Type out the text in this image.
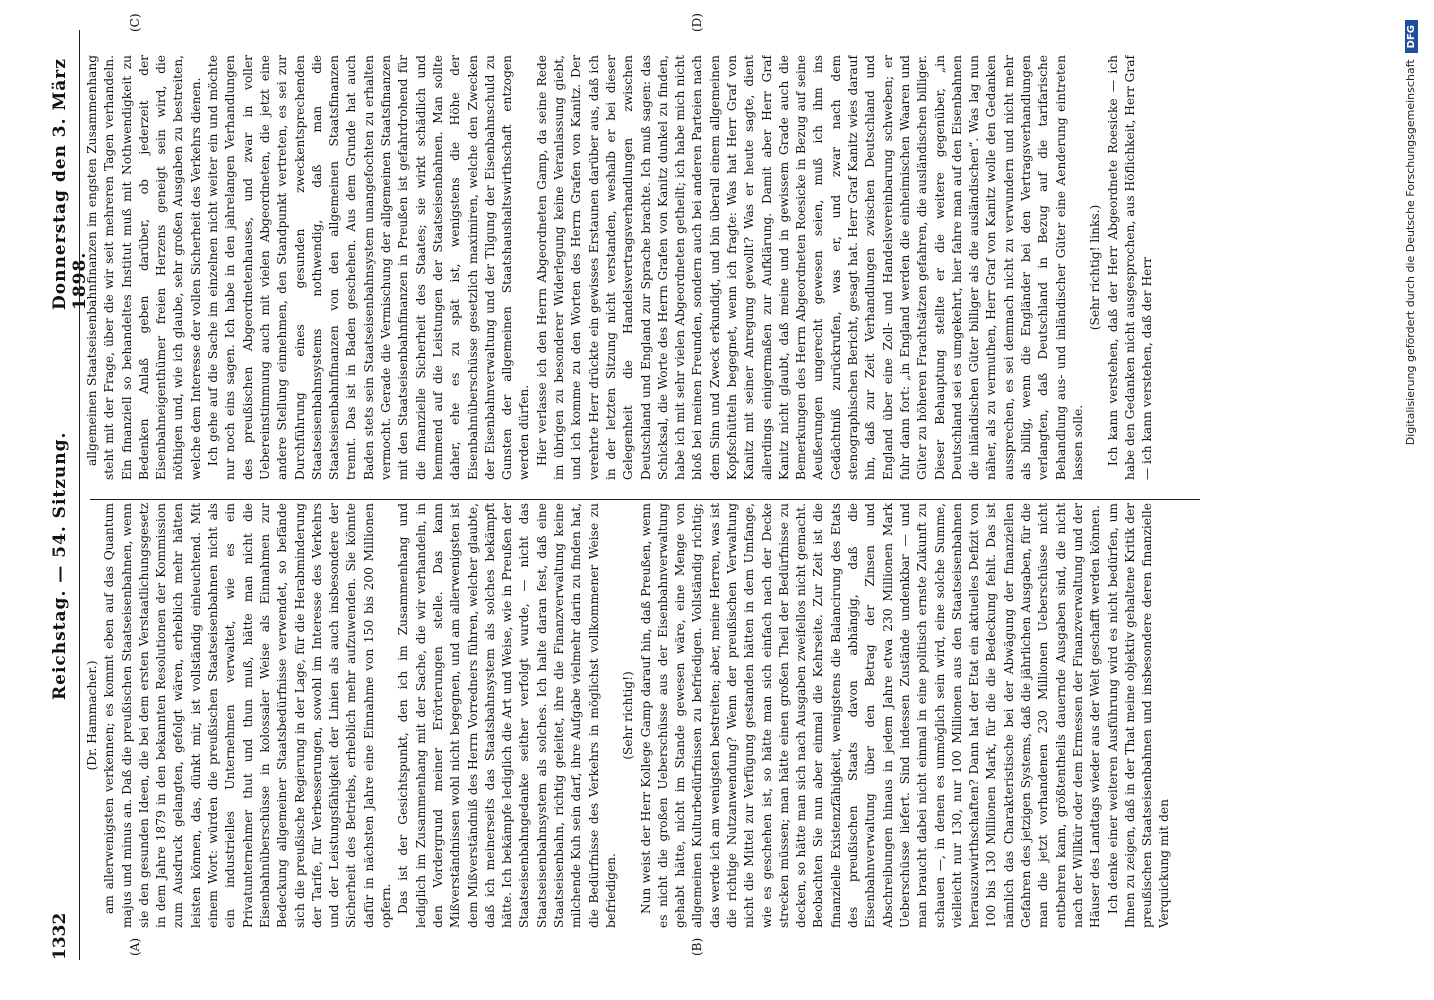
1332
Reichstag. — 54. Sitzung.
Donnerstag den 3. März 1898.
(A)	(B)
(C)	(D)

(Dr. Hammacher.) am allerwenigsten verkennen; es kommt eben auf das Quantum majus und minus an. Daß die preußischen Staatseisenbahnen, wenn sie den gesunden Ideen, die bei dem ersten Verstaatlichungsgesetz in dem Jahre 1879 in den bekannten Resolutionen der Kommission zum Ausdruck gelangten, gefolgt wären, erheblich mehr hätten leisten können, das, dünkt mir, ist vollständig einleuchtend. Mit einem Wort: würden die preußischen Staatseisenbahnen nicht als ein industrielles Unternehmen verwaltet, wie es ein Privatunternehmer thut und thun muß, hätte man nicht die Eisenbahnüberschüsse in kolossaler Weise als Einnahmen zur Bedeckung allgemeiner Staatsbedürfnisse verwendet, so befände sich die preußische Regierung in der Lage, für die Herabminderung der Tarife, für Verbesserungen, sowohl im Interesse des Verkehrs und der Leistungsfähigkeit der Linien als auch insbesondere der Sicherheit des Betriebs, erheblich mehr aufzuwenden. Sie könnte dafür in nächsten Jahre eine Einnahme von 150 bis 200 Millionen opfern. Das ist der Gesichtspunkt, den ich im Zusammenhang und lediglich im Zusammenhang mit der Sache, die wir verhandeln, in den Vordergrund meiner Erörterungen stelle. Das kann Mißverständnissen wohl nicht begegnen, und am allerwenigsten ist dem Mißverständniß des Herrn Vorredners führen, welcher glaubte, daß ich meinerseits das Staatsbahnsystem als solches bekämpft hätte. Ich bekämpfe lediglich die Art und Weise, wie in Preußen der Staatseisenbahngedanke seither verfolgt wurde, — nicht das Staatseisenbahnsystem als solches. Ich halte daran fest, daß eine Staatseisenbahn, richtig geleitet, ihre die Finanzverwaltung keine milchende Kuh sein darf, ihre Aufgabe vielmehr darin zu finden hat, die Bedürfnisse des Verkehrs in möglichst vollkommener Weise zu befriedigen.

(Sehr richtig!) Nun weist der Herr Kollege Gamp darauf hin, daß Preußen, wenn es nicht die großen Ueberschüsse aus der Eisenbahnverwaltung gehabt hätte, nicht im Stande gewesen wäre, eine Menge von allgemeinen Kulturbedürfnissen zu befriedigen. Vollständig richtig; das werde ich am wenigsten bestreiten; aber, meine Herren, was ist die richtige Nutzanwendung? Wenn der preußischen Verwaltung nicht die Mittel zur Verfügung gestanden hätten in dem Umfange, wie es geschehen ist, so hätte man sich einfach nach der Decke strecken müssen; man hätte einen großen Theil der Bedürfnisse zu decken, so hätte man sich nach Ausgaben zweifellos nicht gemacht. Beobachten Sie nun aber einmal die Kehrseite. Zur Zeit ist die finanzielle Existenzfähigkeit, wenigstens die Balancirung des Etats des preußischen Staats davon abhängig, daß die Eisenbahnverwaltung über den Betrag der Zinsen und Abschreibungen hinaus in jedem Jahre etwa 230 Millionen Mark Ueberschüsse liefert. Sind indessen Zustände undenkbar — und man braucht dabei nicht einmal in eine politisch ernste Zukunft zu schauen —, in denen es unmöglich sein wird, eine solche Summe, vielleicht nur 130, nur 100 Millionen aus den Staatseisenbahnen herauszuwirthschaften? Dann hat der Etat ein aktuelles Defizit von 100 bis 130 Millionen Mark, für die die Bedeckung fehlt. Das ist nämlich das Charakteristische bei der Abwägung der finanziellen Gefahren des jetzigen Systems, daß die jährlichen Ausgaben, für die man die jetzt vorhandenen 230 Millionen Ueberschüsse nicht entbehren kann, größtentheils dauernde Ausgaben sind, die nicht nach der Willkür oder dem Ermessen der Finanzverwaltung und der Häuser des Landtags wieder aus der Welt geschafft werden können. Ich denke einer weiteren Ausführung wird es nicht bedürfen, um Ihnen zu zeigen, daß in der That meine objektiv gehaltene Kritik der preußischen Staatseisenbahnen und insbesondere deren finanzielle Verquickung mit den

allgemeinen Staatseisenbahnfinanzen im engsten Zusammenhang steht mit der Frage, über die wir seit mehreren Tagen verhandeln. Ein finanziell so behandeltes Institut muß mit Nothwendigkeit zu Bedenken Anlaß geben darüber, ob jederzeit der Eisenbahneigenthümer freien Herzens geneigt sein wird, die nöthigen und, wie ich glaube, sehr großen Ausgaben zu bestreiten, welche dem Interesse der vollen Sicherheit des Verkehrs dienen. Ich gehe auf die Sache im einzelnen nicht weiter ein und möchte nur noch eins sagen. Ich habe in den jahrelangen Verhandlungen des preußischen Abgeordnetenhauses, und zwar in voller Uebereinstimmung auch mit vielen Abgeordneten, die jetzt eine andere Stellung einnehmen, den Standpunkt vertreten, es sei zur Durchführung eines gesunden zweckentsprechenden Staatseisenbahnsystems nothwendig, daß man die Staatseisenbahnfinanzen von den allgemeinen Staatsfinanzen trennt. Das ist in Baden geschehen. Aus dem Grunde hat auch Baden stets sein Staatseisenbahnsystem unangefochten zu erhalten vermocht. Gerade die Vermischung der allgemeinen Staatsfinanzen mit den Staatseisenbahnfinanzen in Preußen ist gefahrdrohend für die finanzielle Sicherheit des Staates; sie wirkt schädlich und hemmend auf die Leistungen der Staatseisenbahnen. Man sollte daher, ehe es zu spät ist, wenigstens die Höhe der Eisenbahnüberschüsse gesetzlich maximiren, welche den Zwecken der Eisenbahnverwaltung und der Tilgung der Eisenbahnschuld zu Gunsten der allgemeinen Staatshaushaltswirthschaft entzogen werden dürfen. Hier verlasse ich den Herrn Abgeordneten Gamp, da seine Rede im übrigen zu besonderer Widerlegung keine Veranlassung giebt, und ich komme zu den Worten des Herrn Grafen von Kanitz. Der verehrte Herr drückte ein gewisses Erstaunen darüber aus, daß ich in der letzten Sitzung nicht verstanden, weshalb er bei dieser Gelegenheit die Handelsvertragsverhandlungen zwischen Deutschland und England zur Sprache brachte. Ich muß sagen: das Schicksal, die Worte des Herrn Grafen von Kanitz dunkel zu finden, habe ich mit sehr vielen Abgeordneten getheilt; ich habe mich nicht bloß bei meinen Freunden, sondern auch bei anderen Parteien nach dem Sinn und Zweck erkundigt, und bin überall einem allgemeinen Kopfschütteln begegnet, wenn ich fragte: Was hat Herr Graf von Kanitz mit seiner Anregung gewollt? Was er heute sagte, dient allerdings einigermaßen zur Aufklärung. Damit aber Herr Graf Kanitz nicht glaubt, daß meine und in gewissem Grade auch die Bemerkungen des Herrn Abgeordneten Roesicke in Bezug auf seine Aeußerungen ungerecht gewesen seien, muß ich ihm ins Gedächtniß zurückrufen, was er, und zwar nach dem stenographischen Bericht, gesagt hat. Herr Graf Kanitz wies darauf hin, daß zur Zeit Verhandlungen zwischen Deutschland und England über eine Zoll- und Handelsvereinbarung schweben; er fuhr dann fort: „in England werden die einheimischen Waaren und Güter zu höheren Frachtsätzen gefahren, die ausländischen billiger. Dieser Behauptung stellte er die weitere gegenüber, „in Deutschland sei es umgekehrt, hier fahre man auf den Eisenbahnen die inländischen Güter billiger als die ausländischen“. Was lag nun näher, als zu vermuthen, Herr Graf von Kanitz wolle den Gedanken aussprechen, es sei demnach nicht zu verwundern und nicht mehr als billig, wenn die Engländer bei den Vertragsverhandlungen verlangten, daß Deutschland in Bezug auf die tarifarische Behandlung aus- und inländischer Güter eine Aenderung eintreten lassen solle.

(Sehr richtig! links.) Ich kann verstehen, daß der Herr Abgeordnete Roesicke — ich habe den Gedanken nicht ausgesprochen, aus Höflichkeit, Herr Graf — ich kann verstehen, daß der Herr	Digitalisierung gefördert durch die Deutsche ForschungsgemeinschaftDFG
